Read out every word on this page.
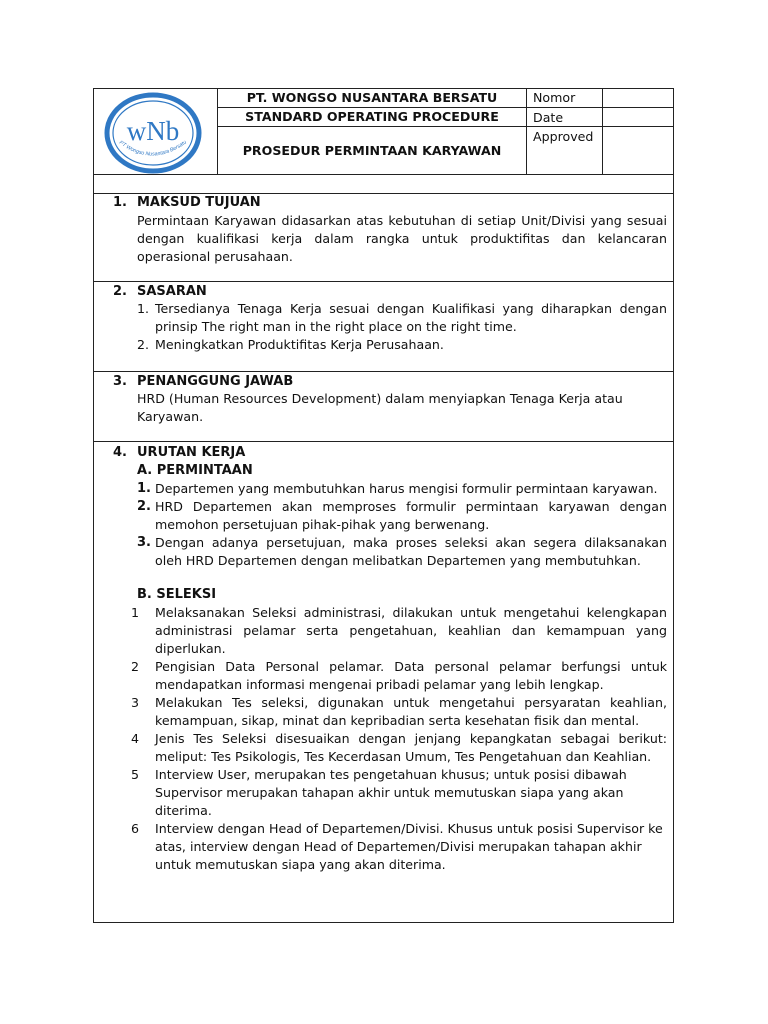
wNb
PT Wongso Nusantara Bersatu
PT. WONGSO NUSANTARA BERSATU
STANDARD OPERATING PROCEDURE
PROSEDUR PERMINTAAN KARYAWAN
Nomor
Date
Approved
1. MAKSUD TUJUAN
Permintaan Karyawan didasarkan atas kebutuhan di setiap Unit/Divisi yang sesuai dengan kualifikasi kerja dalam rangka untuk produktifitas dan kelancaran operasional perusahaan.
2. SASARAN
1. Tersedianya Tenaga Kerja sesuai dengan Kualifikasi yang diharapkan dengan prinsip The right man in the right place on the right time.
2. Meningkatkan Produktifitas Kerja Perusahaan.
3. PENANGGUNG JAWAB
HRD (Human Resources Development) dalam menyiapkan Tenaga Kerja atau Karyawan.
4. URUTAN KERJA
A. PERMINTAAN
1. Departemen yang membutuhkan harus mengisi formulir permintaan karyawan.
2. HRD Departemen akan memproses formulir permintaan karyawan dengan memohon persetujuan pihak-pihak yang berwenang.
3. Dengan adanya persetujuan, maka proses seleksi akan segera dilaksanakan oleh HRD Departemen dengan melibatkan Departemen yang membutuhkan.
B. SELEKSI
1 Melaksanakan Seleksi administrasi, dilakukan untuk mengetahui kelengkapan administrasi pelamar serta pengetahuan, keahlian dan kemampuan yang diperlukan.
2 Pengisian Data Personal pelamar. Data personal pelamar berfungsi untuk mendapatkan informasi mengenai pribadi pelamar yang lebih lengkap.
3 Melakukan Tes seleksi, digunakan untuk mengetahui persyaratan keahlian, kemampuan, sikap, minat dan kepribadian serta kesehatan fisik dan mental.
4 Jenis Tes Seleksi disesuaikan dengan jenjang kepangkatan sebagai berikut: meliput: Tes Psikologis, Tes Kecerdasan Umum, Tes Pengetahuan dan Keahlian.
5 Interview User, merupakan tes pengetahuan khusus; untuk posisi dibawah Supervisor merupakan tahapan akhir untuk memutuskan siapa yang akan diterima.
6 Interview dengan Head of Departemen/Divisi. Khusus untuk posisi Supervisor ke atas, interview dengan Head of Departemen/Divisi merupakan tahapan akhir untuk memutuskan siapa yang akan diterima.
